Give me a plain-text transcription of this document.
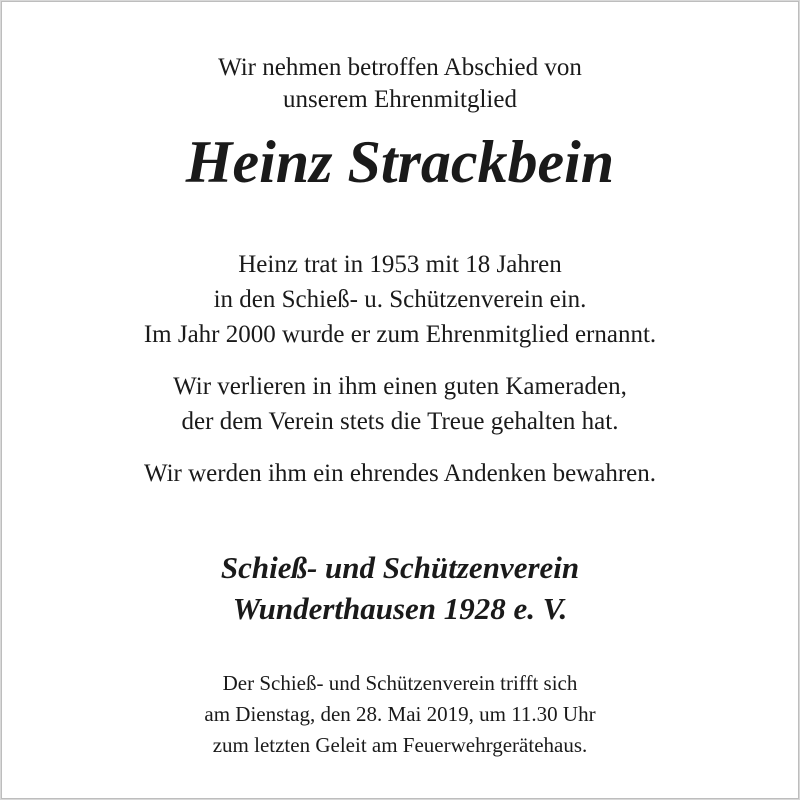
Wir nehmen betroffen Abschied von
unserem Ehrenmitglied
Heinz Strackbein
Heinz trat in 1953 mit 18 Jahren
in den Schieß- u. Schützenverein ein.
Im Jahr 2000 wurde er zum Ehrenmitglied ernannt.
Wir verlieren in ihm einen guten Kameraden,
der dem Verein stets die Treue gehalten hat.
Wir werden ihm ein ehrendes Andenken bewahren.
Schieß- und Schützenverein
Wunderthausen 1928 e. V.
Der Schieß- und Schützenverein trifft sich
am Dienstag, den 28. Mai 2019, um 11.30 Uhr
zum letzten Geleit am Feuerwehrgerätehaus.
